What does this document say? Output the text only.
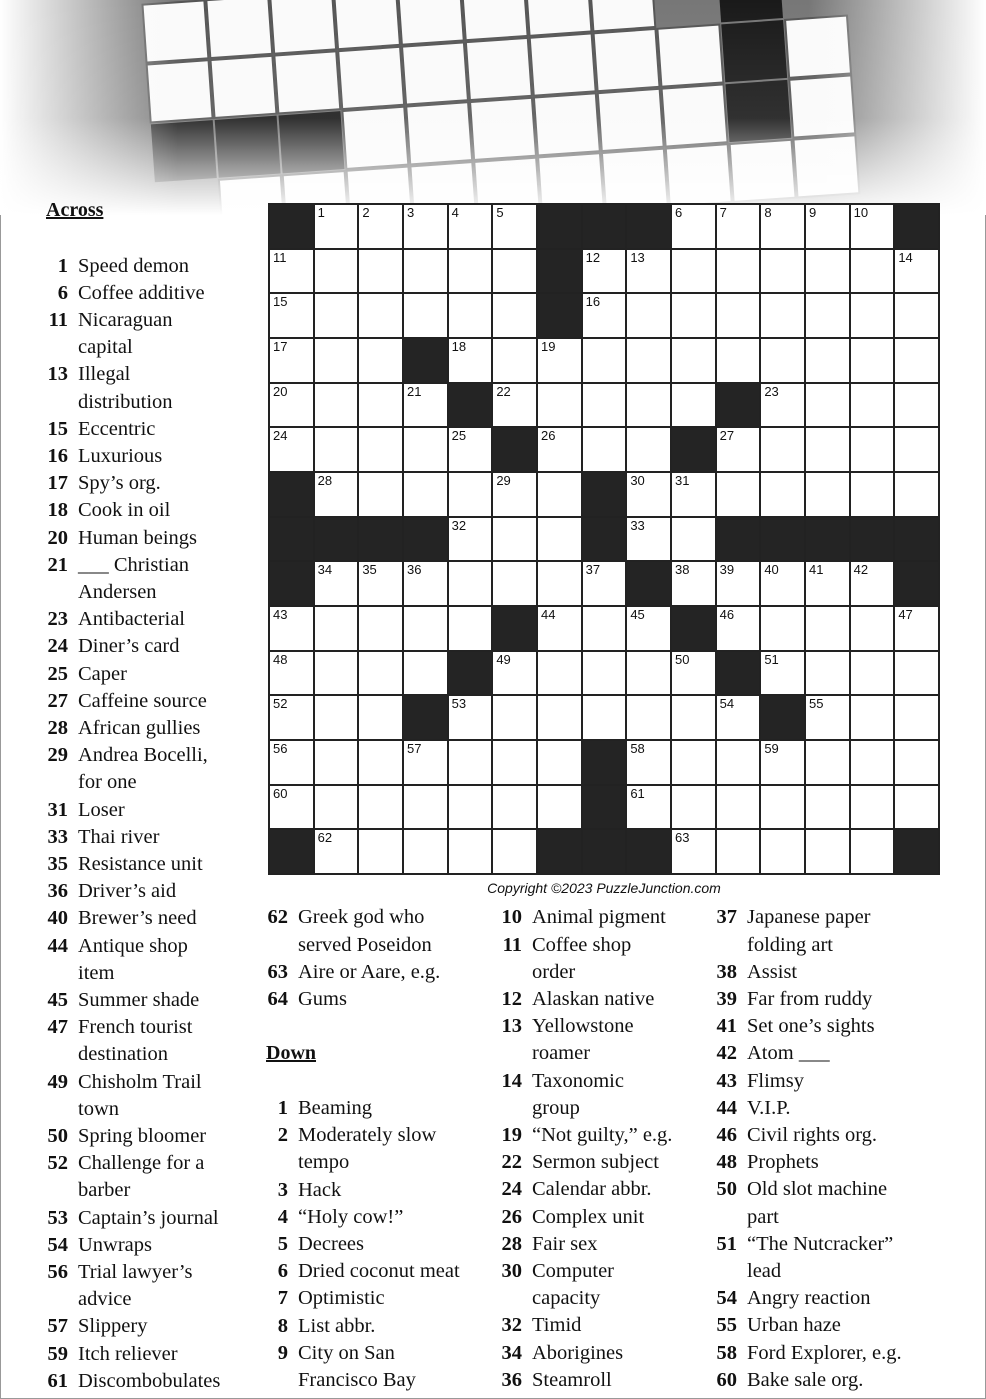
Across
Down
1	2	3	4	5	6	7	8	9	10
11	12 13	14
15	16
17	18	19
20	21	22	23
24	25	26	27
28	29	30 31
32	33
34 35 36	37	38 39 40 41 42
43	44	45	46	47
48	49	50	51
52	53	54	55
56	57	58	59
60	61
62	63
Copyright ©2023 PuzzleJunction.com
1 Speed demon
6 Coffee additive
11 Nicaraguan
capital
13 Illegal
distribution
15 Eccentric
16 Luxurious
17 Spy’s org.
18 Cook in oil
20 Human beings
21 ___ Christian
Andersen
23 Antibacterial
24 Diner’s card
25 Caper
27 Caffeine source
28 African gullies
29 Andrea Bocelli,
for one
31 Loser
33 Thai river
35 Resistance unit
36 Driver’s aid
40 Brewer’s need
44 Antique shop
item
45 Summer shade
47 French tourist
destination
49 Chisholm Trail
town
50 Spring bloomer
52 Challenge for a
barber
53 Captain’s journal
54 Unwraps
56 Trial lawyer’s
advice
57 Slippery
59 Itch reliever
61 Discombobulates
62 Greek god who
served Poseidon
63 Aire or Aare, e.g.
64 Gums
1 Beaming
2 Moderately slow
tempo
3 Hack
4 “Holy cow!”
5 Decrees
6 Dried coconut meat
7 Optimistic
8 List abbr.
9 City on San
Francisco Bay
10 Animal pigment
11 Coffee shop
order
12 Alaskan native
13 Yellowstone
roamer
14 Taxonomic
group
19 “Not guilty,” e.g.
22 Sermon subject
24 Calendar abbr.
26 Complex unit
28 Fair sex
30 Computer
capacity
32 Timid
34 Aborigines
36 Steamroll
37 Japanese paper
folding art
38 Assist
39 Far from ruddy
41 Set one’s sights
42 Atom ___
43 Flimsy
44 V.I.P.
46 Civil rights org.
48 Prophets
50 Old slot machine
part
51 “The Nutcracker”
lead
54 Angry reaction
55 Urban haze
58 Ford Explorer, e.g.
60 Bake sale org.
